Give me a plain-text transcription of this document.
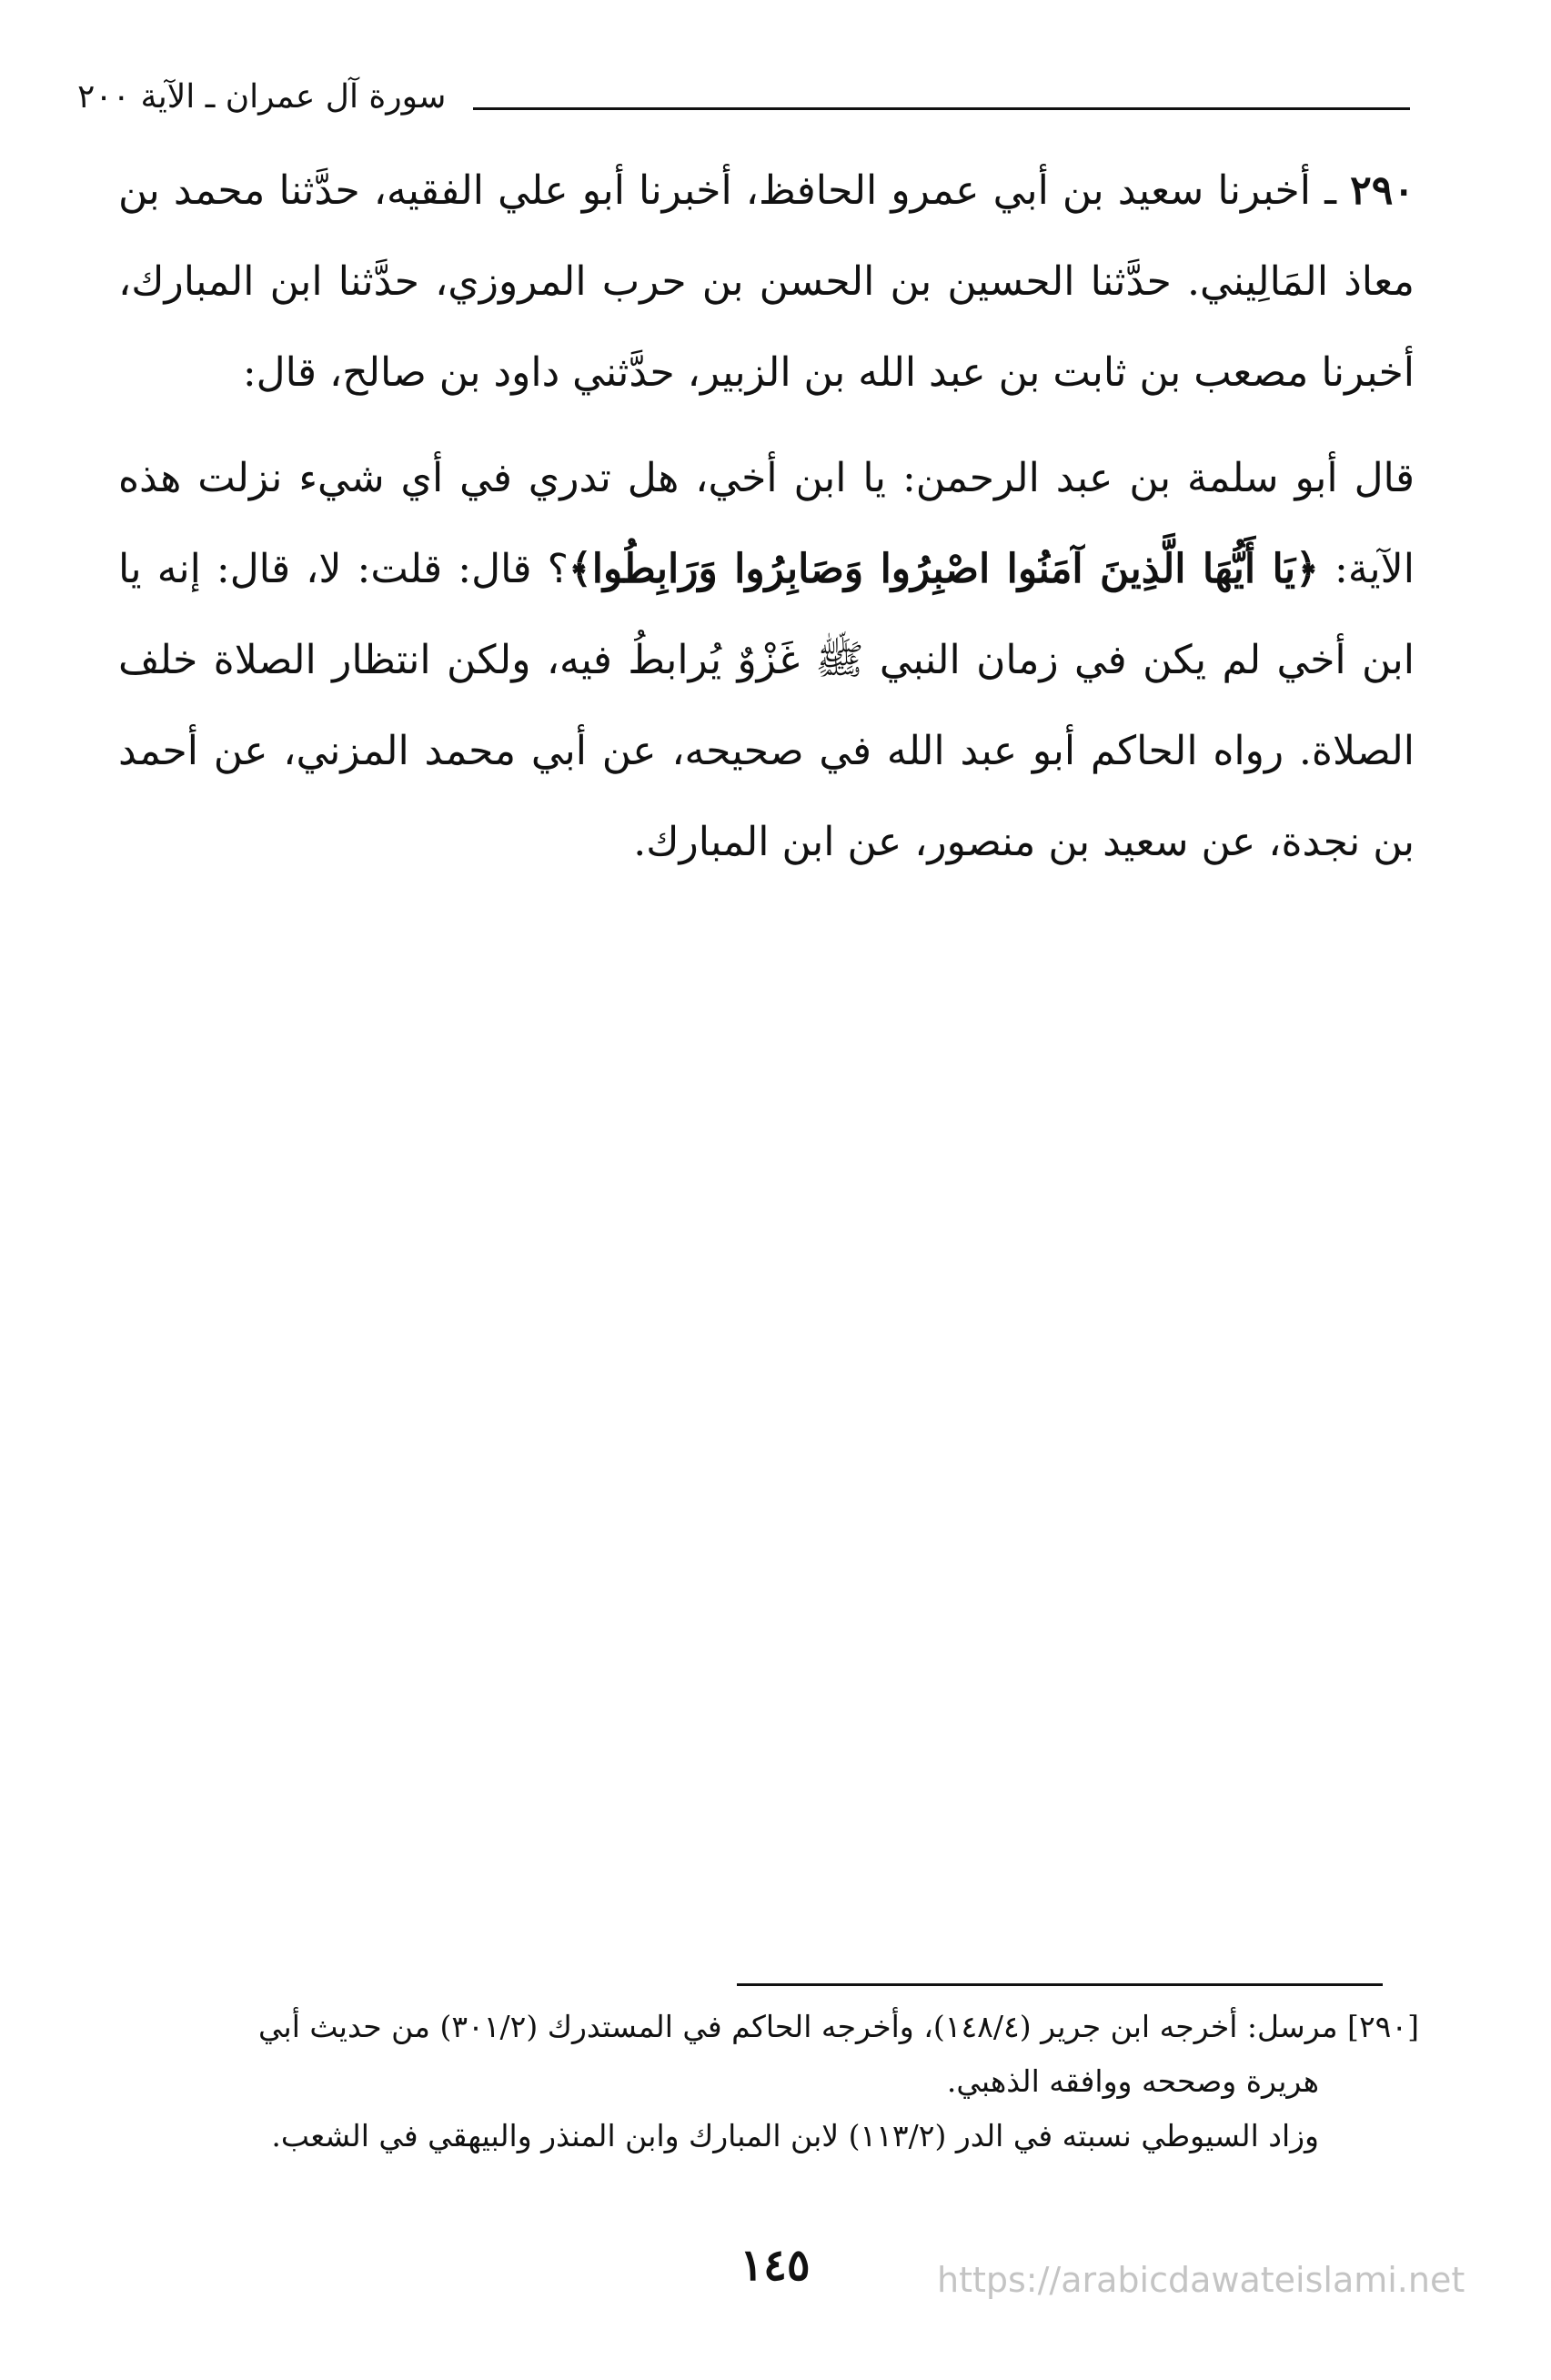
سورة آل عمران ـ الآية ٢٠٠

٢٩٠ ـ أخبرنا سعيد بن أبي عمرو الحافظ، أخبرنا أبو علي الفقيه، حدَّثنا محمد بن معاذ المَالِيني. حدَّثنا الحسين بن الحسن بن حرب المروزي، حدَّثنا ابن المبارك، أخبرنا مصعب بن ثابت بن عبد الله بن الزبير، حدَّثني داود بن صالح، قال:

قال أبو سلمة بن عبد الرحمن: يا ابن أخي، هل تدري في أي شيء نزلت هذه الآية: ﴿يَا أَيُّهَا الَّذِينَ آمَنُوا اصْبِرُوا وَصَابِرُوا وَرَابِطُوا﴾؟ قال: قلت: لا، قال: إنه يا ابن أخي لم يكن في زمان النبي ﷺ غَزْوٌ يُرابطُ فيه، ولكن انتظار الصلاة خلف الصلاة. رواه الحاكم أبو عبد الله في صحيحه، عن أبي محمد المزني، عن أحمد بن نجدة، عن سعيد بن منصور، عن ابن المبارك.

[٢٩٠] مرسل: أخرجه ابن جرير (١٤٨/٤)، وأخرجه الحاكم في المستدرك (٣٠١/٢) من حديث أبي

هريرة وصححه ووافقه الذهبي.

وزاد السيوطي نسبته في الدر (١١٣/٢) لابن المبارك وابن المنذر والبيهقي في الشعب.

١٤٥	https://arabicdawateislami.net
